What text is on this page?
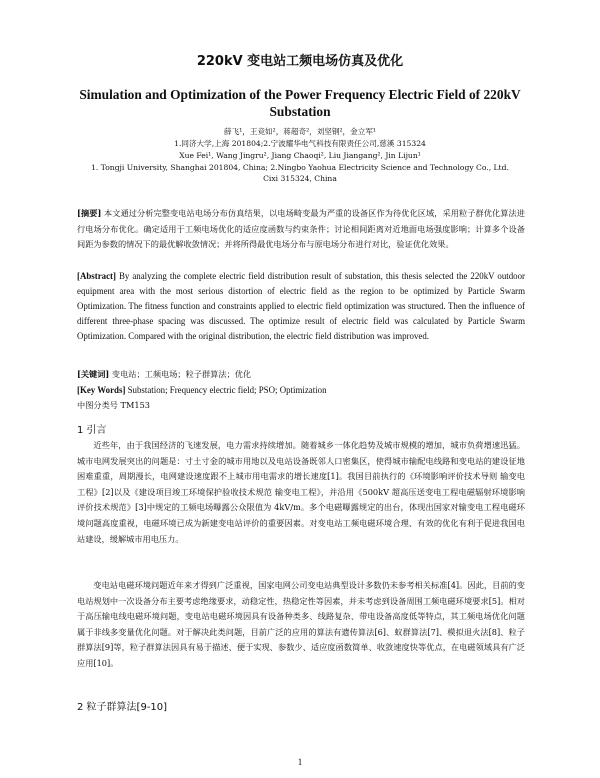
220kV 变电站工频电场仿真及优化
Simulation and Optimization of the Power Frequency Electric Field of 220kV Substation
薛飞¹，王竞如²，蒋超奇²，刘坚钢²，金立军¹
1.同济大学,上海 201804;2.宁波耀华电气科技有限责任公司,慈溪 315324
Xue Fei¹, Wang Jingru², Jiang Chaoqi², Liu Jiangang², Jin Lijun¹
1. Tongji University, Shanghai 201804, China; 2.Ningbo Yaohua Electricity Science and Technology Co., Ltd. Cixi 315324, China
[摘要] 本文通过分析完整变电站电场分布仿真结果，以电场畸变最为严重的设备区作为待优化区域，采用粒子群优化算法进行电场分布优化。确定适用于工频电场优化的适应度函数与约束条件；讨论相间距离对近地面电场强度影响；计算多个设备间距为参数的情况下的最优解收敛情况；并将所得最优电场分布与原电场分布进行对比，验证优化效果。
[Abstract] By analyzing the complete electric field distribution result of substation, this thesis selected the 220kV outdoor equipment area with the most serious distortion of electric field as the region to be optimized by Particle Swarm Optimization. The fitness function and constraints applied to electric field optimization was structured. Then the influence of different three-phase spacing was discussed. The optimize result of electric field was calculated by Particle Swarm Optimization. Compared with the original distribution, the electric field distribution was improved.
[关键词] 变电站；工频电场；粒子群算法；优化
[Key Words] Substation; Frequency electric field; PSO; Optimization
中图分类号 TM153
1 引言
近些年，由于我国经济的飞速发展，电力需求持续增加。随着城乡一体化趋势及城市规模的增加，城市负荷增速迅猛。城市电网发展突出的问题是：寸土寸金的城市用地以及电站设备既邻人口密集区，使得城市输配电线路和变电站的建设征地困难重重，周期漫长，电网建设速度跟不上城市用电需求的增长速度[1]。我国目前执行的《环境影响评价技术导则 输变电工程》[2]以及《建设项目竣工环境保护验收技术规范 输变电工程》，并沿用《500kV 超高压送变电工程电磁辐射环境影响评价技术规范》[3]中规定的工频电场曝露公众限值为 4kV/m。多个电磁曝露规定的出台，体现出国家对输变电工程电磁环境问题高度重视，电磁环境已成为新建变电站评价的重要因素。对变电站工频电磁环境合理、有效的优化有利于促进我国电站建设，缓解城市用电压力。
变电站电磁环境问题近年来才得到广泛重视，国家电网公司变电站典型设计多数仍未参考相关标准[4]。因此，目前的变电站规划中一次设备分布主要考虑绝缘要求，动稳定性，热稳定性等因素，并未考虑到设备周围工频电磁环境要求[5]。相对于高压输电线电磁环境问题，变电站电磁环境因具有设备种类多、线路复杂、带电设备高度低等特点，其工频电场优化问题属于非线多变量优化问题。对于解决此类问题，目前广泛的应用的算法有遗传算法[6]、蚁群算法[7]、模拟退火法[8]、粒子群算法[9]等，粒子群算法因具有易于描述、便于实现、参数少、适应度函数简单、收敛速度快等优点，在电磁领域具有广泛应用[10]。
2 粒子群算法[9-10]
1
